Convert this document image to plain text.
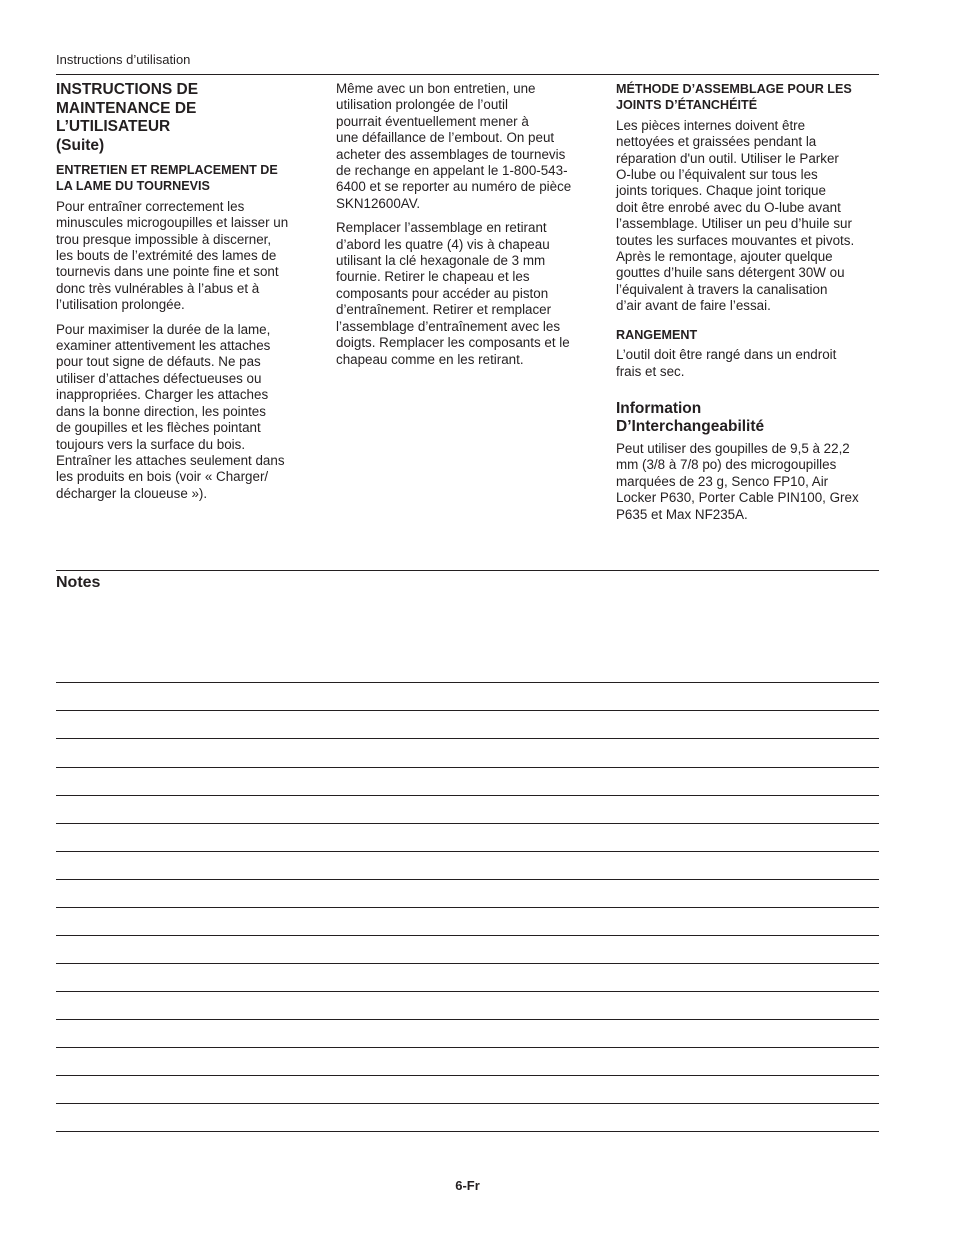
Instructions d’utilisation
INSTRUCTIONS DE
MAINTENANCE DE
L’UTILISATEUR
(Suite)
ENTRETIEN ET REMPLACEMENT DE
LA LAME DU TOURNEVIS

Pour entraîner correctement les
minuscules microgoupilles et laisser un
trou presque impossible à discerner,
les bouts de l’extrémité des lames de
tournevis dans une pointe fine et sont
donc très vulnérables à l’abus et à
l’utilisation prolongée.

Pour maximiser la durée de la lame,
examiner attentivement les attaches
pour tout signe de défauts. Ne pas
utiliser d’attaches défectueuses ou
inappropriées. Charger les attaches
dans la bonne direction, les pointes
de goupilles et les flèches pointant
toujours vers la surface du bois.
Entraîner les attaches seulement dans
les produits en bois (voir « Charger/
décharger la cloueuse »).

Même avec un bon entretien, une
utilisation prolongée de l’outil
pourrait éventuellement mener à
une défaillance de l’embout. On peut
acheter des assemblages de tournevis
de rechange en appelant le 1-800-543-
6400 et se reporter au numéro de pièce
SKN12600AV.

Remplacer l’assemblage en retirant
d’abord les quatre (4) vis à chapeau
utilisant la clé hexagonale de 3 mm
fournie. Retirer le chapeau et les
composants pour accéder au piston
d’entraînement. Retirer et remplacer
l’assemblage d’entraînement avec les
doigts. Remplacer les composants et le
chapeau comme en les retirant.

MÉTHODE D’ASSEMBLAGE POUR LES
JOINTS D’ÉTANCHÉITÉ

Les pièces internes doivent être
nettoyées et graissées pendant la
réparation d'un outil. Utiliser le Parker
O-lube ou l’équivalent sur tous les
joints toriques. Chaque joint torique
doit être enrobé avec du O-lube avant
l’assemblage. Utiliser un peu d’huile sur
toutes les surfaces mouvantes et pivots.
Après le remontage, ajouter quelque
gouttes d’huile sans détergent 30W ou
l’équivalent à travers la canalisation
d’air avant de faire l’essai.

RANGEMENT

L’outil doit être rangé dans un endroit
frais et sec.

Information
D’Interchangeabilité

Peut utiliser des goupilles de 9,5 à 22,2
mm (3/8 à 7/8 po) des microgoupilles
marquées de 23 g, Senco FP10, Air
Locker P630, Porter Cable PIN100, Grex
P635 et Max NF235A.

Notes
6-Fr
